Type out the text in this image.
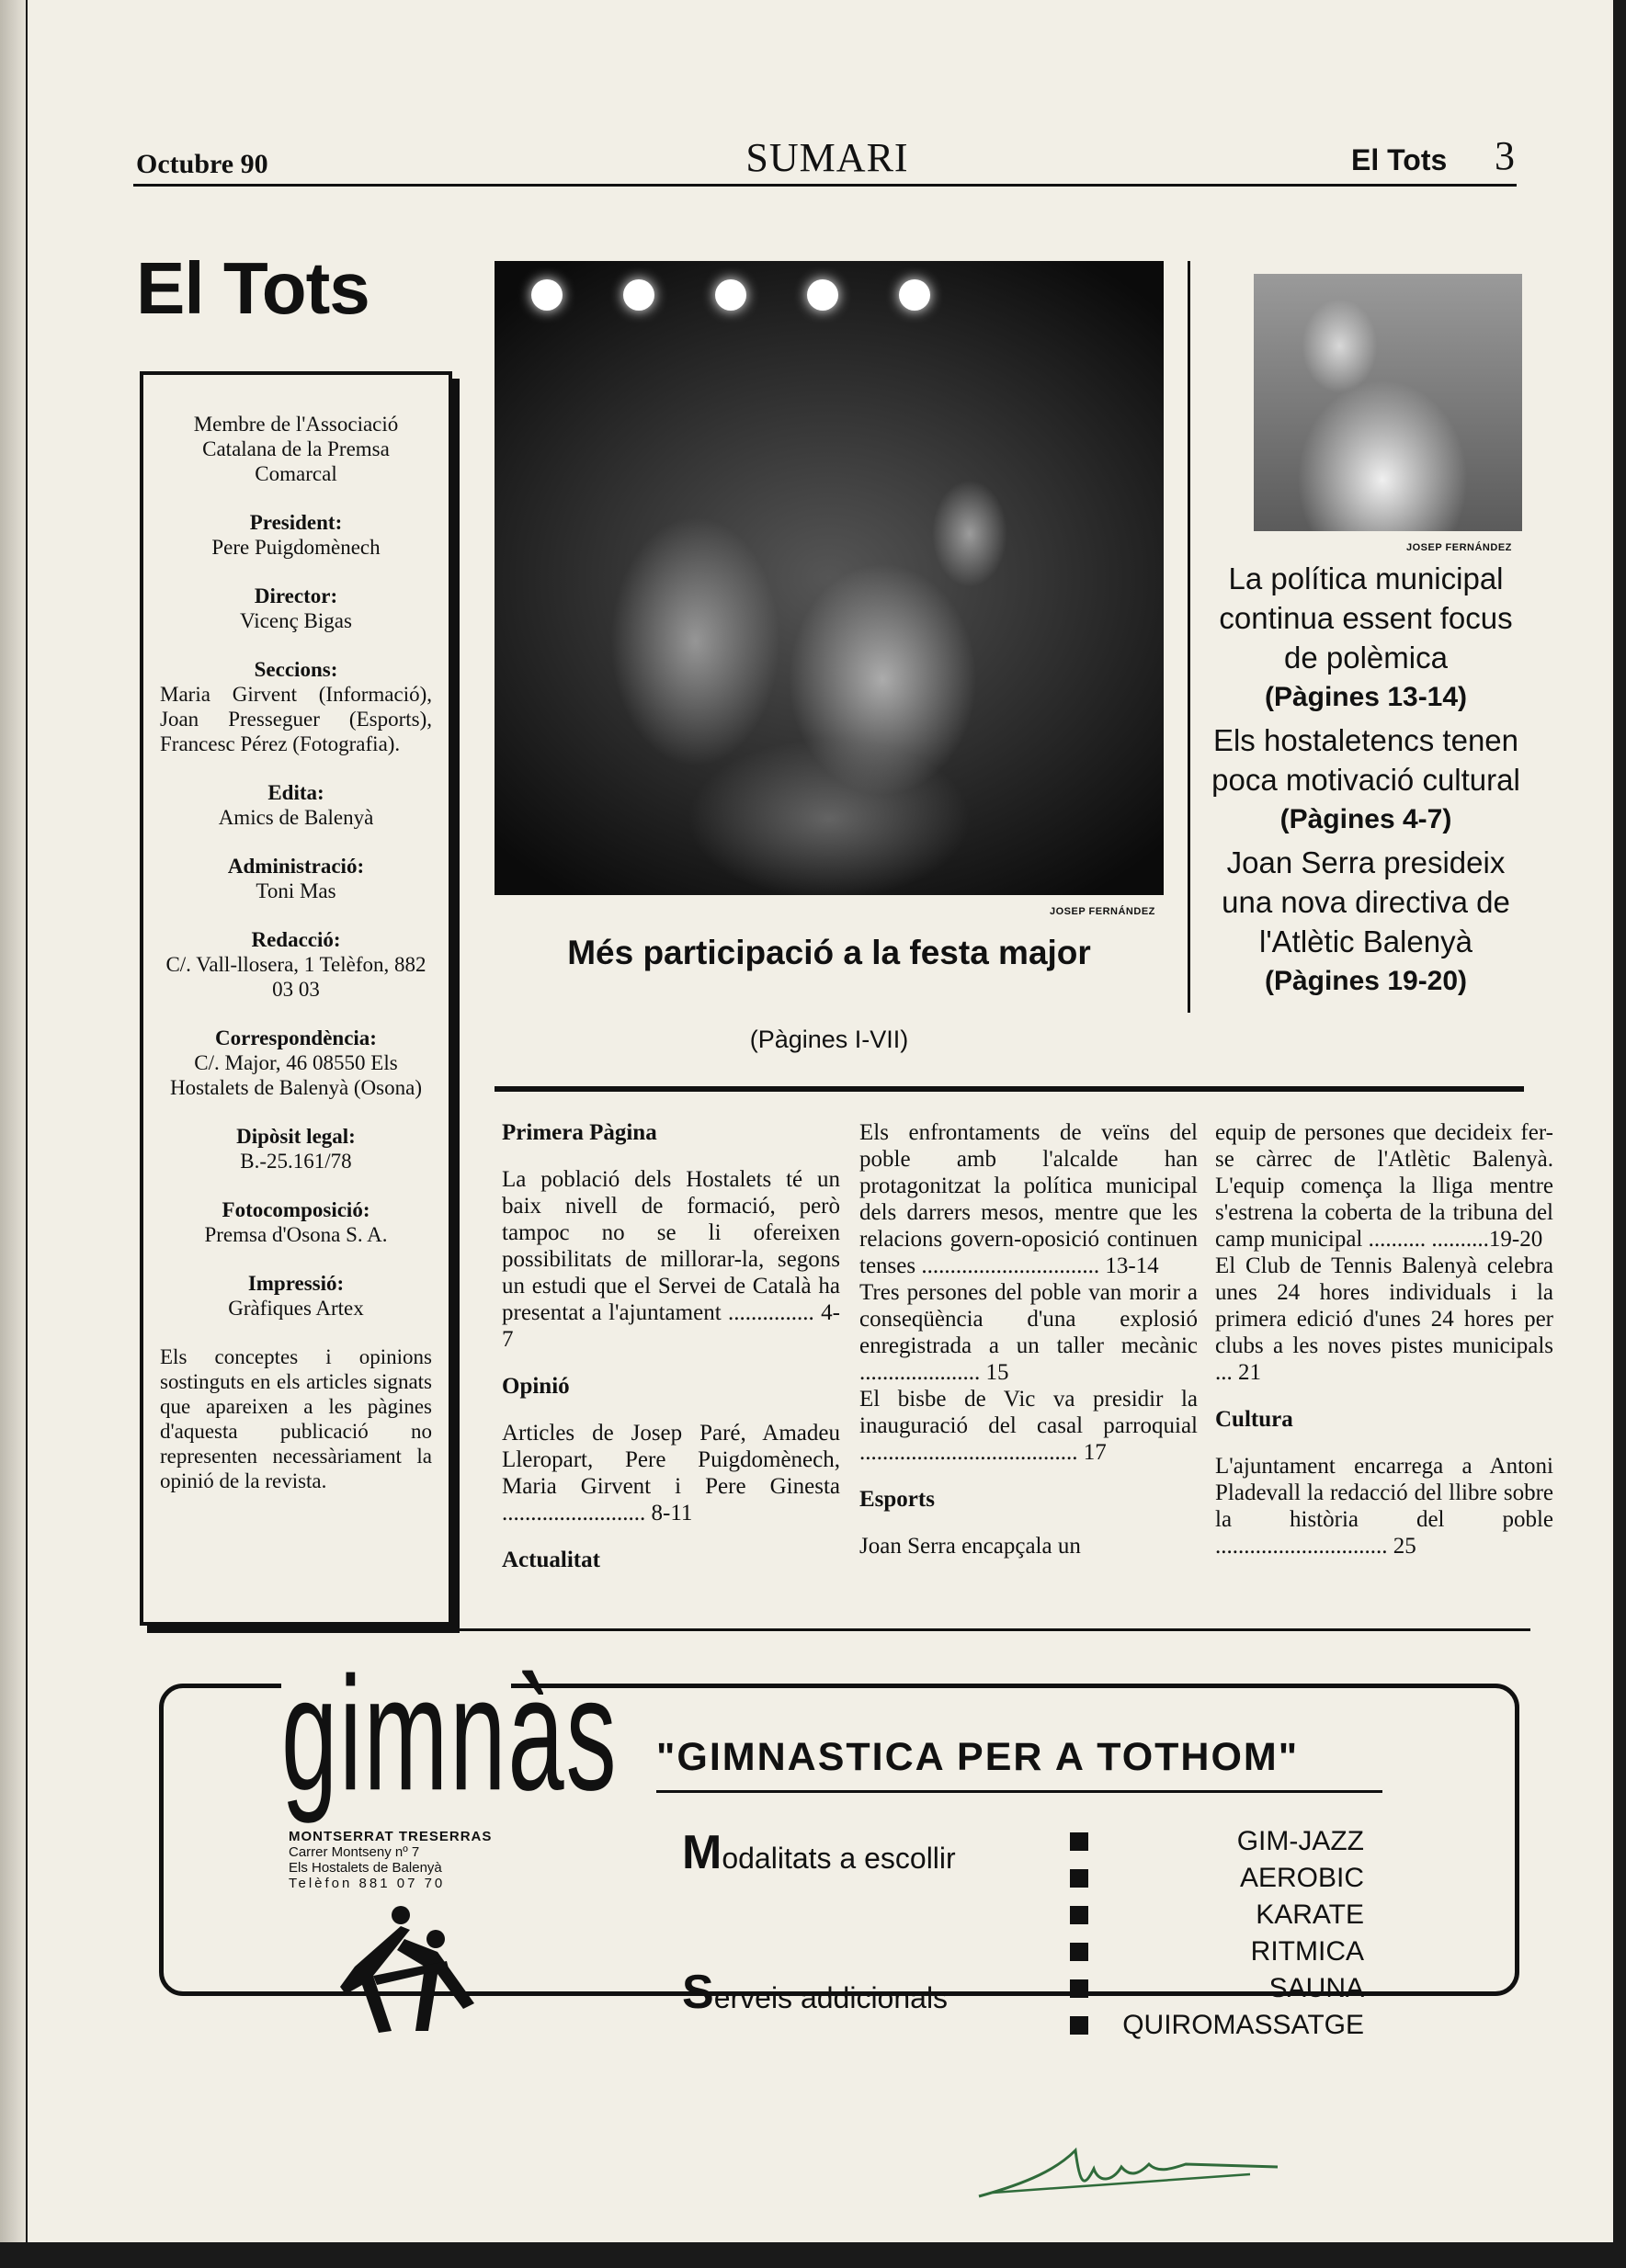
Octubre 90	SUMARI	El Tots 3
El Tots
Membre de l'Associació Catalana de la Premsa Comarcal
President:
Pere Puigdomènech
Director:
Vicenç Bigas
Seccions:
Maria Girvent (Informació), Joan Presseguer (Esports), Francesc Pérez (Fotografia).
Edita:
Amics de Balenyà
Administració:
Toni Mas
Redacció:
C/. Vall-llosera, 1 Telèfon, 882 03 03
Correspondència:
C/. Major, 46 08550 Els Hostalets de Balenyà (Osona)
Dipòsit legal:
B.-25.161/78
Fotocomposició:
Premsa d'Osona S. A.
Impressió:
Gràfiques Artex
Els conceptes i opinions sostinguts en els articles signats que apareixen a les pàgines d'aquesta publicació no representen necessàriament la opinió de la revista.
JOSEP FERNÁNDEZ
JOSEP FERNÁNDEZ
Més participació a la festa major
(Pàgines I-VII)
La política municipal continua essent focus de polèmica
(Pàgines 13-14)
Els hostaletencs tenen poca motivació cultural
(Pàgines 4-7)
Joan Serra presideix una nova directiva de l'Atlètic Balenyà
(Pàgines 19-20)
Primera Pàgina

La població dels Hostalets té un baix nivell de formació, però tampoc no se li ofereixen possibilitats de millorar-la, segons un estudi que el Servei de Català ha presentat a l'ajuntament ............... 4-7

Opinió

Articles de Josep Paré, Amadeu Lleropart, Pere Puigdomènech, Maria Girvent i Pere Ginesta ......................... 8-11

Actualitat

Els enfrontaments de veïns del poble amb l'alcalde han protagonitzat la política municipal dels darrers mesos, mentre que les relacions govern-oposició continuen tenses ............................... 13-14

Tres persones del poble van morir a conseqüència d'una explosió enregistrada a un taller mecànic ..................... 15

El bisbe de Vic va presidir la inauguració del casal parroquial ...................................... 17

Esports

Joan Serra encapçala un

equip de persones que decideix fer-se càrrec de l'Atlètic Balenyà. L'equip comença la lliga mentre s'estrena la coberta de la tribuna del camp municipal .......... ..........19-20

El Club de Tennis Balenyà celebra unes 24 hores individuals i la primera edició d'unes 24 hores per clubs a les noves pistes municipals ... 21

Cultura

L'ajuntament encarrega a Antoni Pladevall la redacció del llibre sobre la història del poble .............................. 25

gimnàs
MONTSERRAT TRESERRAS
Carrer Montseny nº 7
Els Hostalets de Balenyà
Telèfon 881 07 70
"GIMNASTICA PER A TOTHOM"
Modalitats a escollir
Serveis addicionals
GIM-JAZZ
AEROBIC
KARATE
RITMICA
SAUNA
QUIROMASSATGE
